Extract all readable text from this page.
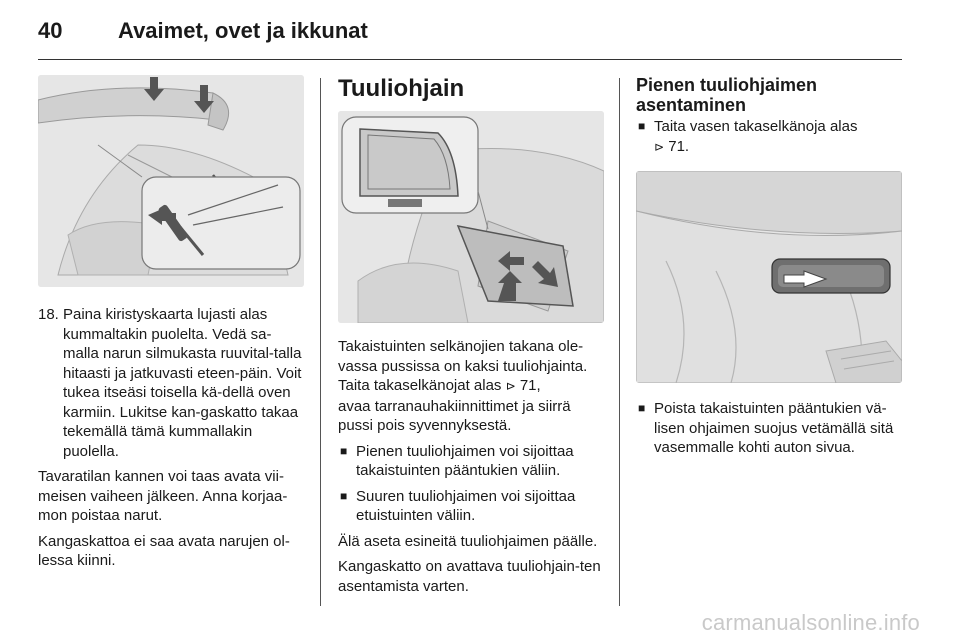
40	Avaimet, ovet ja ikkunat
18. Paina kiristyskaarta lujasti alas kummaltakin puolelta. Vedä sa-malla narun silmukasta ruuvital-talla hitaasti ja jatkuvasti eteen-päin. Voit tukea itseäsi toisella kä-dellä oven karmiin. Lukitse kan-gaskatto takaa tekemällä tämä kummallakin puolella.

Tavaratilan kannen voi taas avata vii-meisen vaiheen jälkeen. Anna korjaa-mon poistaa narut.

Kangaskattoa ei saa avata narujen ol-lessa kiinni.

Tuuliohjain

Takaistuinten selkänojien takana ole-vassa pussissa on kaksi tuuliohjainta. Taita takaselkänojat alas ⊳ 71,
avaa tarranauhakiinnittimet ja siirrä pussi pois syvennyksestä.

■ Pienen tuuliohjaimen voi sijoittaa takaistuinten pääntukien väliin.
■ Suuren tuuliohjaimen voi sijoittaa etuistuinten väliin.

Älä aseta esineitä tuuliohjaimen päälle.

Kangaskatto on avattava tuuliohjain-ten asentamista varten.

Pienen tuuliohjaimen asentaminen
■ Taita vasen takaselkänoja alas
⊳ 71.
■ Poista takaistuinten pääntukien vä-lisen ohjaimen suojus vetämällä sitä vasemmalle kohti auton sivua.
carmanualsonline.info
